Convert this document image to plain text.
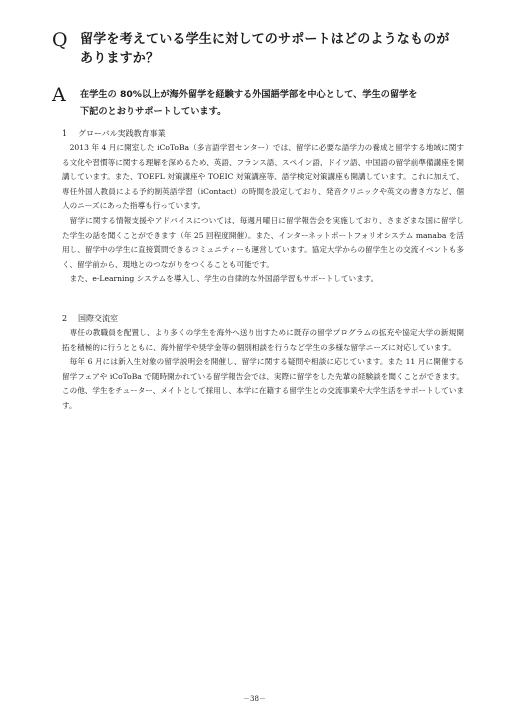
Q 留学を考えている学生に対してのサポートはどのようなものが
ありますか？
A	在学生の 80%以上が海外留学を経験する外国語学部を中心として、学生の留学を
下記のとおりサポートしています。
1	グローバル実践教育事業

2013 年 4 月に開室した iCoToBa（多言語学習センター）では、留学に必要な語学力の養成と留学する地域に関する文化や習慣等に関する理解を深めるため、英語、フランス語、スペイン語、ドイツ語、中国語の留学前準備講座を開講しています。また、TOEFL 対策講座や TOEIC 対策講座等、語学検定対策講座も開講しています。これに加えて、専任外国人教員による予約制英語学習（iContact）の時間を設定しており、発音クリニックや英文の書き方など、個人のニーズにあった指導も行っています。

留学に関する情報支援やアドバイスについては、毎週月曜日に留学報告会を実施しており、さまざまな国に留学した学生の話を聞くことができます（年 25 回程度開催）。また、インターネットポートフォリオシステム manaba を活用し、留学中の学生に直接質問できるコミュニティーも運営しています。協定大学からの留学生との交流イベントも多く、留学前から、現地とのつながりをつくることも可能です。

また、e-Learning システムを導入し、学生の自律的な外国語学習もサポートしています。

2	国際交流室

専任の教職員を配置し、より多くの学生を海外へ送り出すために既存の留学プログラムの拡充や協定大学の新規開拓を積極的に行うとともに、海外留学や奨学金等の個別相談を行うなど学生の多様な留学ニーズに対応しています。

毎年 6 月には新入生対象の留学説明会を開催し、留学に関する疑問や相談に応じています。また 11 月に開催する留学フェアや iCoToBa で随時開かれている留学報告会では、実際に留学をした先輩の経験談を聞くことができます。この他、学生をチューター、メイトとして採用し、本学に在籍する留学生との交流事業や大学生活をサポートしています。

－38－
